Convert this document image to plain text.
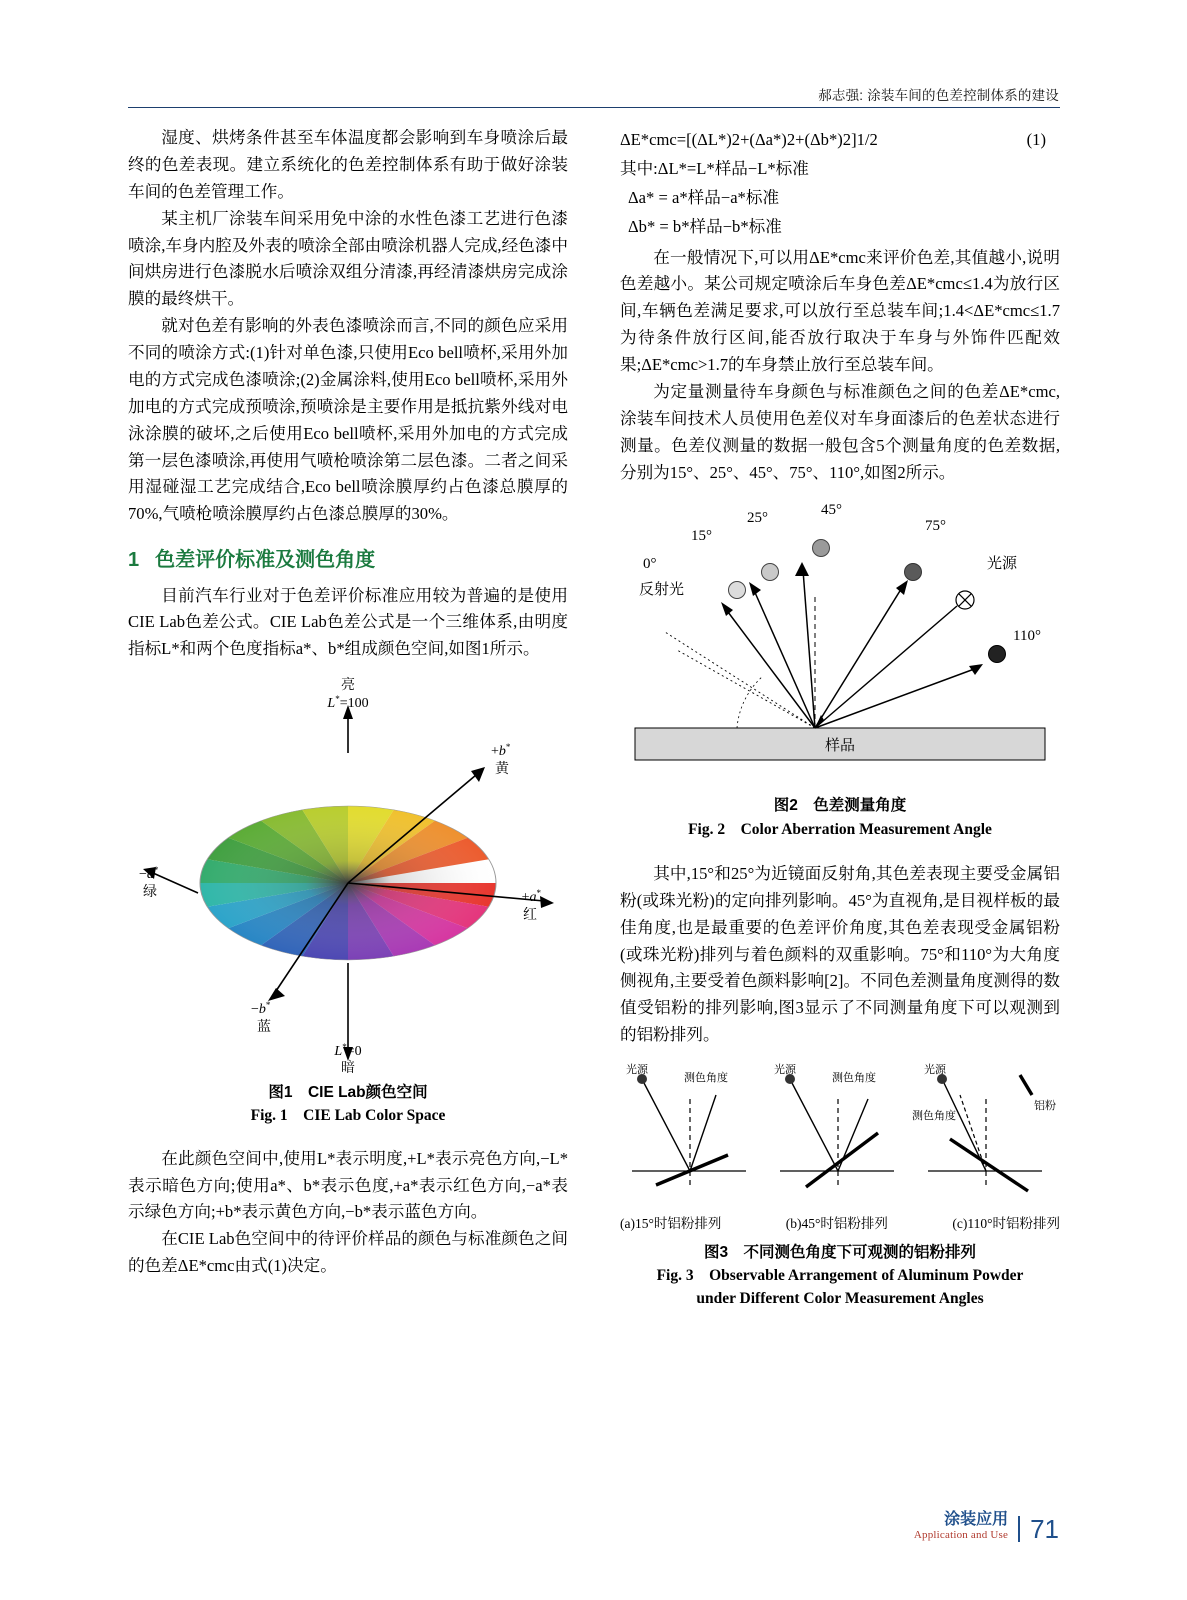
郝志强: 涂装车间的色差控制体系的建设

湿度、烘烤条件甚至车体温度都会影响到车身喷涂后最终的色差表现。建立系统化的色差控制体系有助于做好涂装车间的色差管理工作。

某主机厂涂装车间采用免中涂的水性色漆工艺进行色漆喷涂,车身内腔及外表的喷涂全部由喷涂机器人完成,经色漆中间烘房进行色漆脱水后喷涂双组分清漆,再经清漆烘房完成涂膜的最终烘干。

就对色差有影响的外表色漆喷涂而言,不同的颜色应采用不同的喷涂方式:(1)针对单色漆,只使用Eco bell喷杯,采用外加电的方式完成色漆喷涂;(2)金属涂料,使用Eco bell喷杯,采用外加电的方式完成预喷涂,预喷涂是主要作用是抵抗紫外线对电泳涂膜的破坏,之后使用Eco bell喷杯,采用外加电的方式完成第一层色漆喷涂,再使用气喷枪喷涂第二层色漆。二者之间采用湿碰湿工艺完成结合,Eco bell喷涂膜厚约占色漆总膜厚的70%,气喷枪喷涂膜厚约占色漆总膜厚的30%。

1 色差评价标准及测色角度

目前汽车行业对于色差评价标准应用较为普遍的是使用CIE Lab色差公式。CIE Lab色差公式是一个三维体系,由明度指标L*和两个色度指标a*、b*组成颜色空间,如图1所示。

亮
L*=100
L*=0
暗
+b*
黄
+a*
红
−a*
绿
−b*
蓝
图1　CIE Lab颜色空间
Fig. 1　CIE Lab Color Space

在此颜色空间中,使用L*表示明度,+L*表示亮色方向,−L*表示暗色方向;使用a*、b*表示色度,+a*表示红色方向,−a*表示绿色方向;+b*表示黄色方向,−b*表示蓝色方向。

在CIE Lab色空间中的待评价样品的颜色与标准颜色之间的色差ΔE*cmc由式(1)决定。

ΔE*cmc=[(ΔL*)2+(Δa*)2+(Δb*)2]1/2	(1)
其中:ΔL*=L*样品−L*标准
Δa* = a*样品−a*标准
Δb* = b*样品−b*标准

在一般情况下,可以用ΔE*cmc来评价色差,其值越小,说明色差越小。某公司规定喷涂后车身色差ΔE*cmc≤1.4为放行区间,车辆色差满足要求,可以放行至总装车间;1.4<ΔE*cmc≤1.7为待条件放行区间,能否放行取决于车身与外饰件匹配效果;ΔE*cmc>1.7的车身禁止放行至总装车间。

为定量测量待车身颜色与标准颜色之间的色差ΔE*cmc,涂装车间技术人员使用色差仪对车身面漆后的色差状态进行测量。色差仪测量的数据一般包含5个测量角度的色差数据,分别为15°、25°、45°、75°、110°,如图2所示。

样品
光源
0°
反射光
15°
25°	45°
75°
110°
图2　色差测量角度
Fig. 2　Color Aberration Measurement Angle

其中,15°和25°为近镜面反射角,其色差表现主要受金属铝粉(或珠光粉)的定向排列影响。45°为直视角,是目视样板的最佳角度,也是最重要的色差评价角度,其色差表现受金属铝粉(或珠光粉)排列与着色颜料的双重影响。75°和110°为大角度侧视角,主要受着色颜料影响[2]。不同色差测量角度测得的数值受铝粉的排列影响,图3显示了不同测量角度下可以观测到的铝粉排列。

光源
测色角度
光源
测色角度
光源
测色角度
铝粉
(a)15°时铝粉排列	(b)45°时铝粉排列	(c)110°时铝粉排列
图3　不同测色角度下可观测的铝粉排列
Fig. 3　Observable Arrangement of Aluminum Powder
under Different Color Measurement Angles
涂装应用
Application and Use 71
